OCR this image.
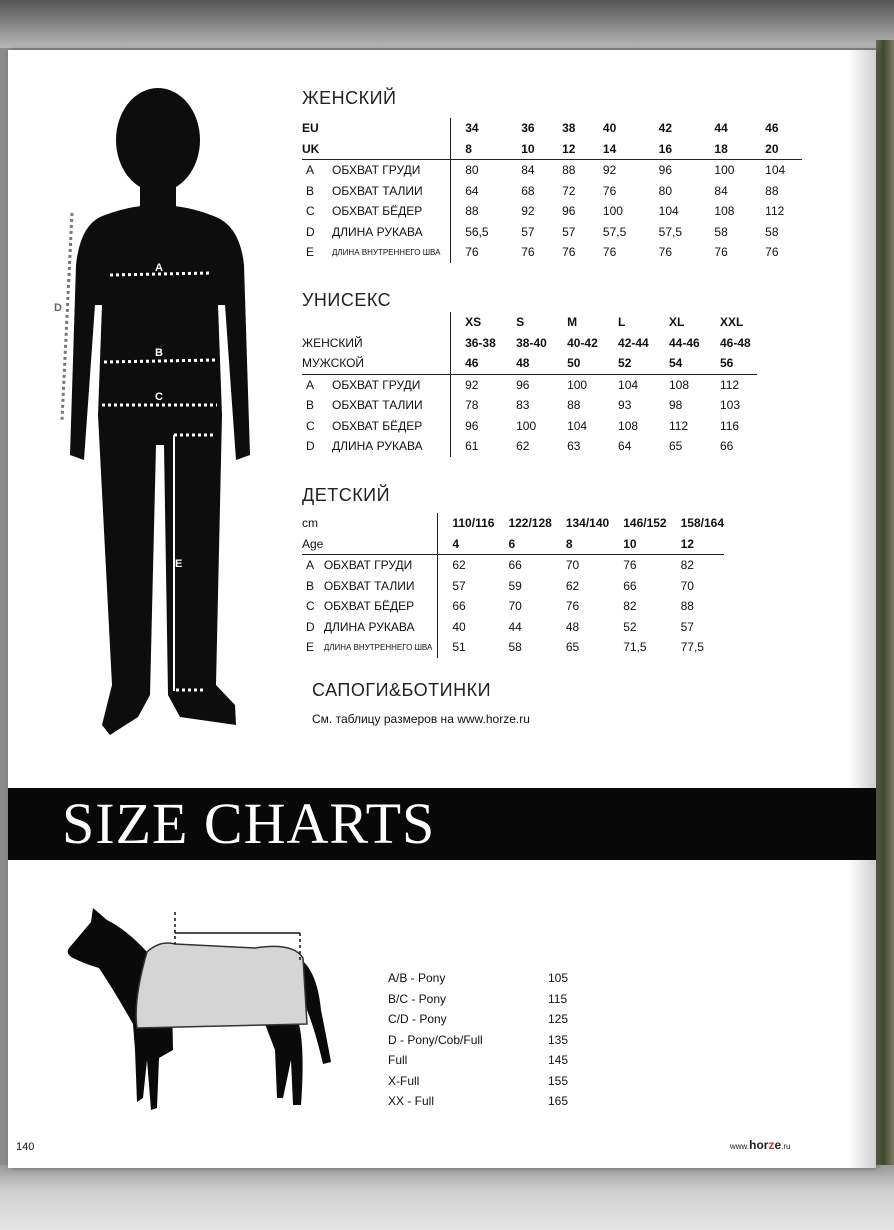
A
B
C
D
E
ЖЕНСКИЙ
EU		34	36	38	40	42	44	46
UK		8	10	12	14	16	18	20
A	ОБХВАТ ГРУДИ		80	84	88	92	96	100	104
B	ОБХВАТ ТАЛИИ		64	68	72	76	80	84	88
C	ОБХВАТ БЁДЕР		88	92	96	100	104	108	112
D	ДЛИНА РУКАВА		56,5	57	57	57,5	57,5	58	58
E	ДЛИНА ВНУТРЕННЕГО ШВА		76	76	76	76	76	76	76
УНИСЕКС
		XS	S	M	L	XL	XXL
ЖЕНСКИЙ		36-38	38-40	40-42	42-44	44-46	46-48
МУЖСКОЙ		46	48	50	52	54	56
A	ОБХВАТ ГРУДИ		92	96	100	104	108	112
B	ОБХВАТ ТАЛИИ		78	83	88	93	98	103
C	ОБХВАТ БЁДЕР		96	100	104	108	112	116
D	ДЛИНА РУКАВА		61	62	63	64	65	66
ДЕТСКИЙ
cm		110/116	122/128	134/140	146/152	158/164
Age		4	6	8	10	12
A	ОБХВАТ ГРУДИ		62	66	70	76	82
B	ОБХВАТ ТАЛИИ		57	59	62	66	70
C	ОБХВАТ БЁДЕР		66	70	76	82	88
D	ДЛИНА РУКАВА		40	44	48	52	57
E	ДЛИНА ВНУТРЕННЕГО ШВА		51	58	65	71,5	77,5
САПОГИ&БОТИНКИ
См. таблицу размеров на www.horze.ru
SIZE CHARTS
A/B - Pony	105
B/C - Pony	115
C/D - Pony	125
D - Pony/Cob/Full	135
Full	145
X-Full	155
XX - Full	165
140	www.horze.ru
